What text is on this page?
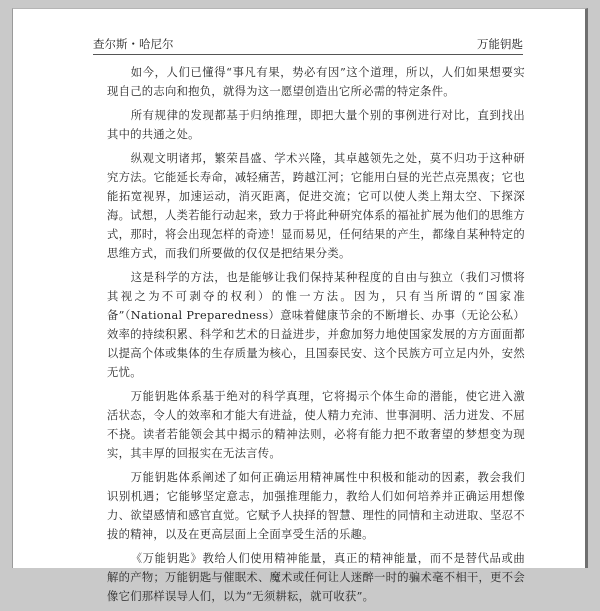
查尔斯・哈尼尔	万能钥匙

如今，人们已懂得“事凡有果，势必有因”这个道理，所以，人们如果想要实现自己的志向和抱负，就得为这一愿望创造出它所必需的特定条件。

所有规律的发现都基于归纳推理，即把大量个别的事例进行对比，直到找出其中的共通之处。

纵观文明诸邦，繁荣昌盛、学术兴隆，其卓越领先之处，莫不归功于这种研究方法。它能延长寿命，减轻痛苦，跨越江河；它能用白昼的光芒点亮黑夜；它也能拓宽视界，加速运动，消灭距离，促进交流；它可以使人类上翔太空、下探深海。试想，人类若能行动起来，致力于将此种研究体系的福祉扩展为他们的思维方式，那时，将会出现怎样的奇迹！显而易见，任何结果的产生，都缘自某种特定的思维方式，而我们所要做的仅仅是把结果分类。

这是科学的方法，也是能够让我们保持某种程度的自由与独立（我们习惯将其视之为不可剥夺的权利）的惟一方法。因为，只有当所谓的“国家准备”（National Preparedness）意味着健康节余的不断增长、办事（无论公私）效率的持续积累、科学和艺术的日益进步，并愈加努力地使国家发展的方方面面都以提高个体或集体的生存质量为核心，且国泰民安、这个民族方可立足内外，安然无忧。

万能钥匙体系基于绝对的科学真理，它将揭示个体生命的潜能，使它进入激活状态，令人的效率和才能大有进益，使人精力充沛、世事洞明、活力迸发、不屈不挠。读者若能领会其中揭示的精神法则，必将有能力把不敢奢望的梦想变为现实，其丰厚的回报实在无法言传。

万能钥匙体系阐述了如何正确运用精神属性中积极和能动的因素，教会我们识别机遇；它能够坚定意志，加强推理能力，教给人们如何培养并正确运用想像力、欲望感情和感官直觉。它赋予人抉择的智慧、理性的同情和主动进取、坚忍不拔的精神，以及在更高层面上全面享受生活的乐趣。

《万能钥匙》教给人们使用精神能量，真正的精神能量，而不是替代品或曲解的产物；万能钥匙与催眠术、魔术或任何让人迷醉一时的骗术毫不相干，更不会像它们那样误导人们，以为“无须耕耘，就可收获”。
